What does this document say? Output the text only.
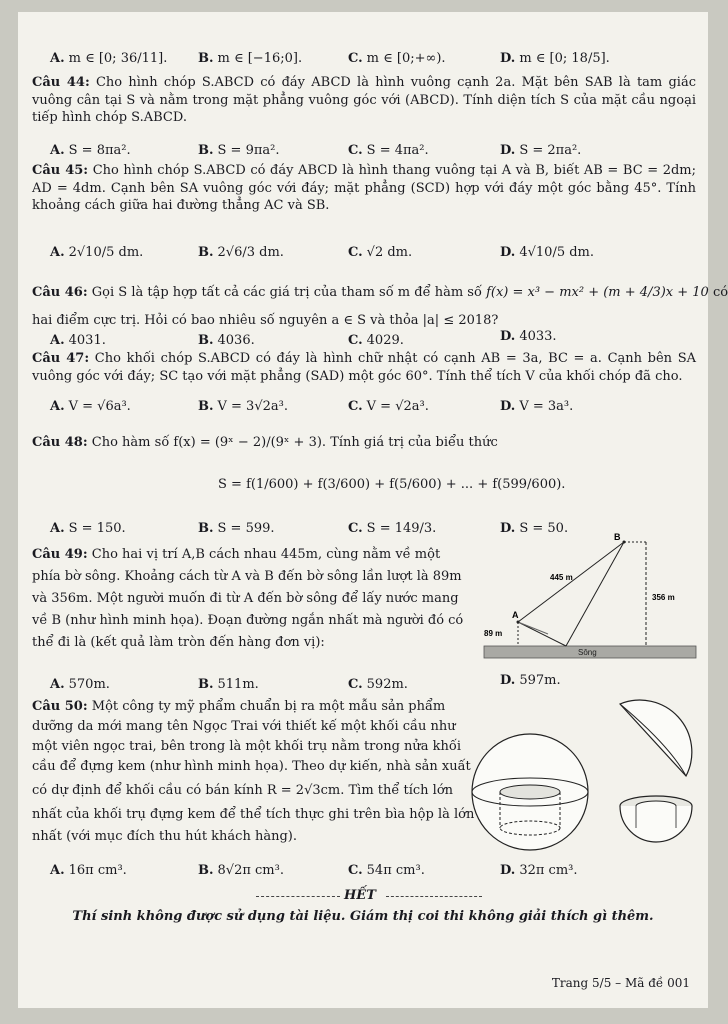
A. m ∈ [0; 36/11]. B. m ∈ [−16;0].	C. m ∈ [0;+∞).	D. m ∈ [0; 18/5].
Câu 44: Cho hình chóp S.ABCD có đáy ABCD là hình vuông cạnh 2a. Mặt bên SAB là tam giác vuông cân tại S và nằm trong mặt phẳng vuông góc với (ABCD). Tính diện tích S của mặt cầu ngoại tiếp hình chóp S.ABCD.
A. S = 8πa².	B. S = 9πa².	C. S = 4πa².	D. S = 2πa².
Câu 45: Cho hình chóp S.ABCD có đáy ABCD là hình thang vuông tại A và B, biết AB = BC = 2dm; AD = 4dm. Cạnh bên SA vuông góc với đáy; mặt phẳng (SCD) hợp với đáy một góc bằng 45°. Tính khoảng cách giữa hai đường thẳng AC và SB.
A. 2√10/5 dm.	B. 2√6/3 dm.	C. √2 dm.	D. 4√10/5 dm.
Câu 46: Gọi S là tập hợp tất cả các giá trị của tham số m để hàm số f(x) = x³ − mx² + (m + 4/3)x + 10 có
hai điểm cực trị. Hỏi có bao nhiêu số nguyên a ∈ S và thỏa |a| ≤ 2018?
A. 4031.	B. 4036.	C. 4029.	D. 4033.
Câu 47: Cho khối chóp S.ABCD có đáy là hình chữ nhật có cạnh AB = 3a, BC = a. Cạnh bên SA vuông góc với đáy; SC tạo với mặt phẳng (SAD) một góc 60°. Tính thể tích V của khối chóp đã cho.
A. V = √6a³.	B. V = 3√2a³.	C. V = √2a³.	D. V = 3a³.
Câu 48: Cho hàm số f(x) = (9ˣ − 2)/(9ˣ + 3). Tính giá trị của biểu thức
S = f(1/600) + f(3/600) + f(5/600) + ... + f(599/600).
A. S = 150.	B. S = 599.	C. S = 149/3.	D. S = 50.
Câu 49: Cho hai vị trí A,B cách nhau 445m, cùng nằm về một
phía bờ sông. Khoảng cách từ A và B đến bờ sông lần lượt là 89m
và 356m. Một người muốn đi từ A đến bờ sông để lấy nước mang
về B (như hình minh họa). Đoạn đường ngắn nhất mà người đó có
thể đi là (kết quả làm tròn đến hàng đơn vị):
Sông
B
A
445 m
356 m
89 m
A. 570m.	B. 511m.	C. 592m.	D. 597m.
Câu 50: Một công ty mỹ phẩm chuẩn bị ra một mẫu sản phẩm
dưỡng da mới mang tên Ngọc Trai với thiết kế một khối cầu như
một viên ngọc trai, bên trong là một khối trụ nằm trong nửa khối
cầu để đựng kem (như hình minh họa). Theo dự kiến, nhà sản xuất
có dự định để khối cầu có bán kính R = 2√3cm. Tìm thể tích lớn
nhất của khối trụ đựng kem để thể tích thực ghi trên bìa hộp là lớn
nhất (với mục đích thu hút khách hàng).
A. 16π cm³.	B. 8√2π cm³.	C. 54π cm³.	D. 32π cm³.
HẾT
Thí sinh không được sử dụng tài liệu. Giám thị coi thi không giải thích gì thêm.
Trang 5/5 – Mã đề 001
